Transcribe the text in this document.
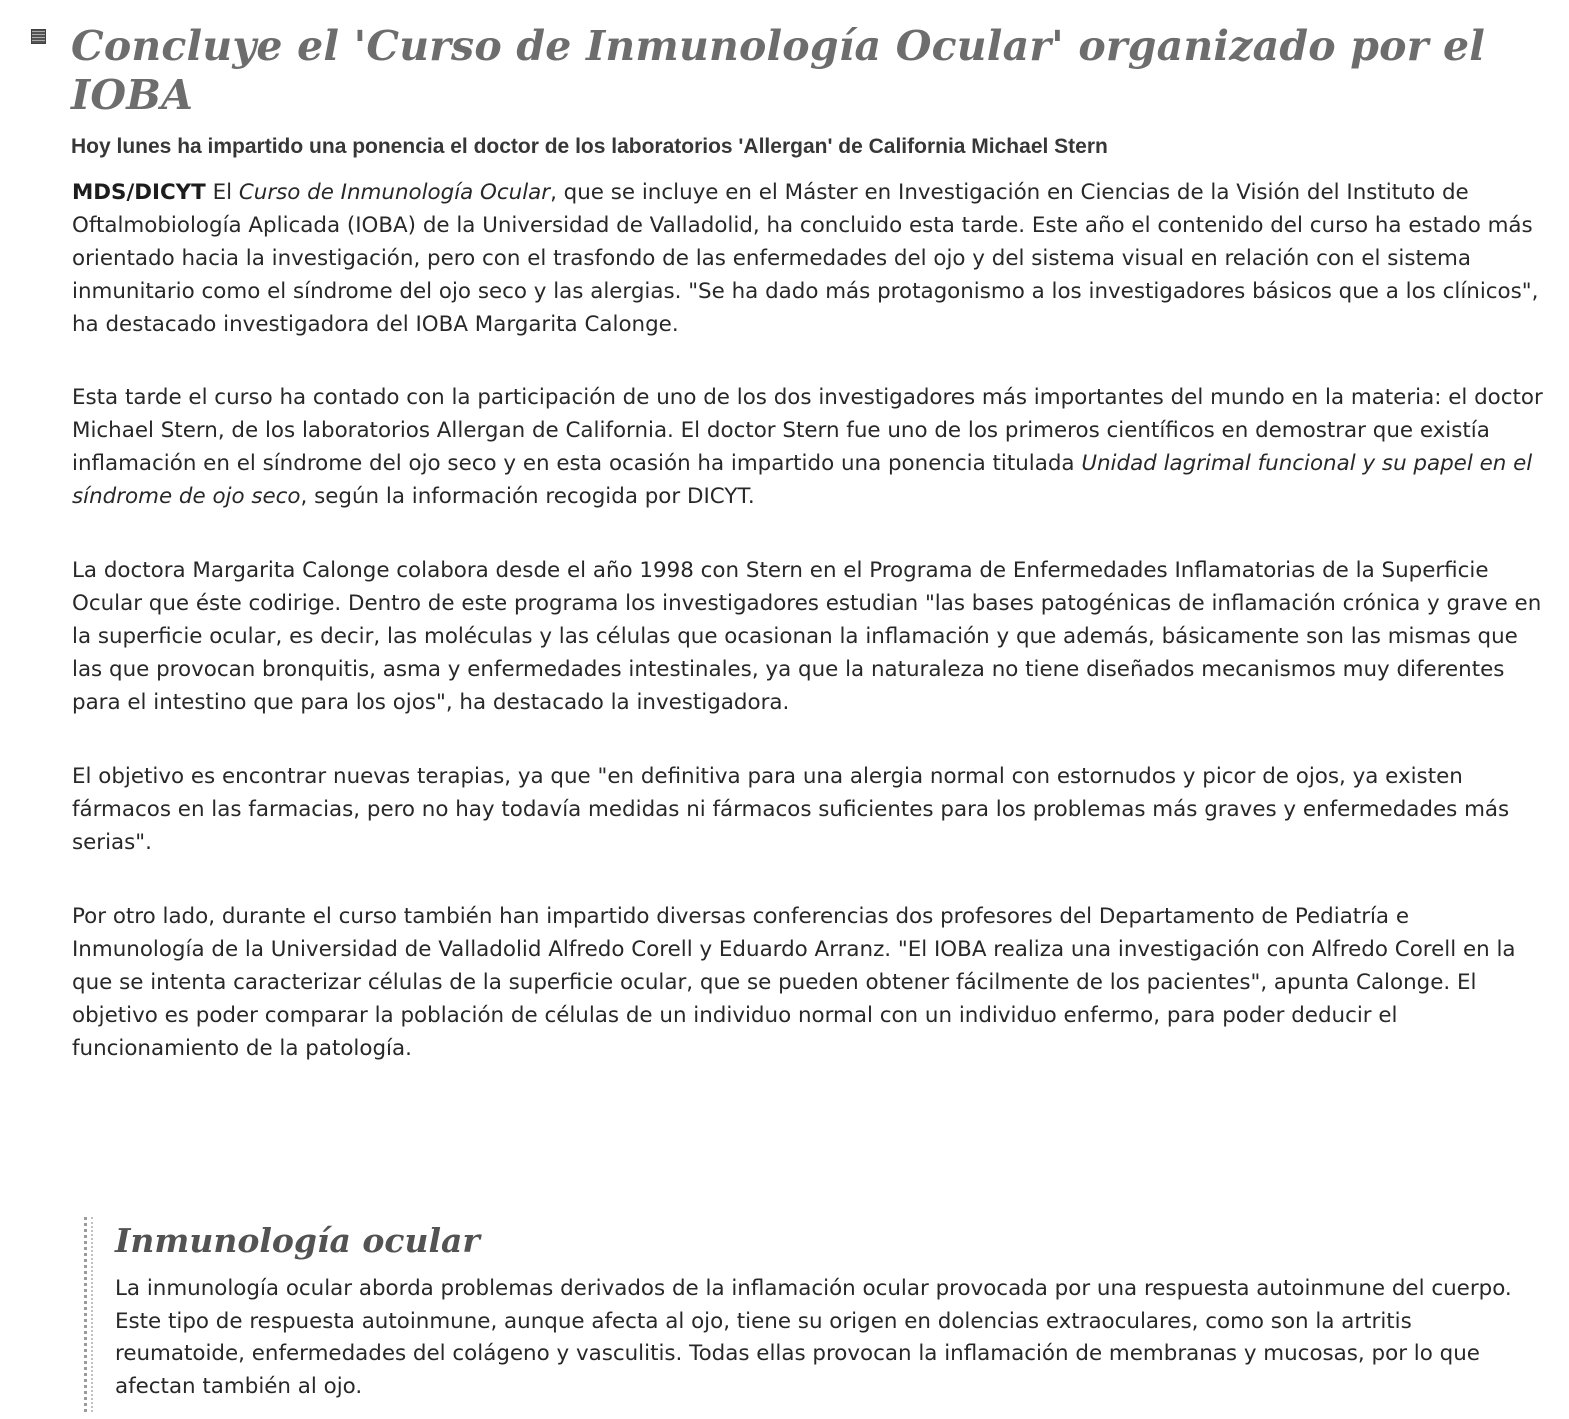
Concluye el 'Curso de Inmunología Ocular' organizado por el IOBA
Hoy lunes ha impartido una ponencia el doctor de los laboratorios 'Allergan' de California Michael Stern

MDS/DICYT El Curso de Inmunología Ocular, que se incluye en el Máster en Investigación en Ciencias de la Visión del Instituto de Oftalmobiología Aplicada (IOBA) de la Universidad de Valladolid, ha concluido esta tarde. Este año el contenido del curso ha estado más orientado hacia la investigación, pero con el trasfondo de las enfermedades del ojo y del sistema visual en relación con el sistema inmunitario como el síndrome del ojo seco y las alergias. "Se ha dado más protagonismo a los investigadores básicos que a los clínicos", ha destacado investigadora del IOBA Margarita Calonge.

Esta tarde el curso ha contado con la participación de uno de los dos investigadores más importantes del mundo en la materia: el doctor Michael Stern, de los laboratorios Allergan de California. El doctor Stern fue uno de los primeros científicos en demostrar que existía inflamación en el síndrome del ojo seco y en esta ocasión ha impartido una ponencia titulada Unidad lagrimal funcional y su papel en el síndrome de ojo seco, según la información recogida por DICYT.

La doctora Margarita Calonge colabora desde el año 1998 con Stern en el Programa de Enfermedades Inflamatorias de la Superficie Ocular que éste codirige. Dentro de este programa los investigadores estudian "las bases patogénicas de inflamación crónica y grave en la superficie ocular, es decir, las moléculas y las células que ocasionan la inflamación y que además, básicamente son las mismas que las que provocan bronquitis, asma y enfermedades intestinales, ya que la naturaleza no tiene diseñados mecanismos muy diferentes para el intestino que para los ojos", ha destacado la investigadora.

El objetivo es encontrar nuevas terapias, ya que "en definitiva para una alergia normal con estornudos y picor de ojos, ya existen fármacos en las farmacias, pero no hay todavía medidas ni fármacos suficientes para los problemas más graves y enfermedades más serias".

Por otro lado, durante el curso también han impartido diversas conferencias dos profesores del Departamento de Pediatría e Inmunología de la Universidad de Valladolid Alfredo Corell y Eduardo Arranz. "El IOBA realiza una investigación con Alfredo Corell en la que se intenta caracterizar células de la superficie ocular, que se pueden obtener fácilmente de los pacientes", apunta Calonge. El objetivo es poder comparar la población de células de un individuo normal con un individuo enfermo, para poder deducir el funcionamiento de la patología.

Inmunología ocular

La inmunología ocular aborda problemas derivados de la inflamación ocular provocada por una respuesta autoinmune del cuerpo. Este tipo de respuesta autoinmune, aunque afecta al ojo, tiene su origen en dolencias extraoculares, como son la artritis reumatoide, enfermedades del colágeno y vasculitis. Todas ellas provocan la inflamación de membranas y mucosas, por lo que afectan también al ojo.
